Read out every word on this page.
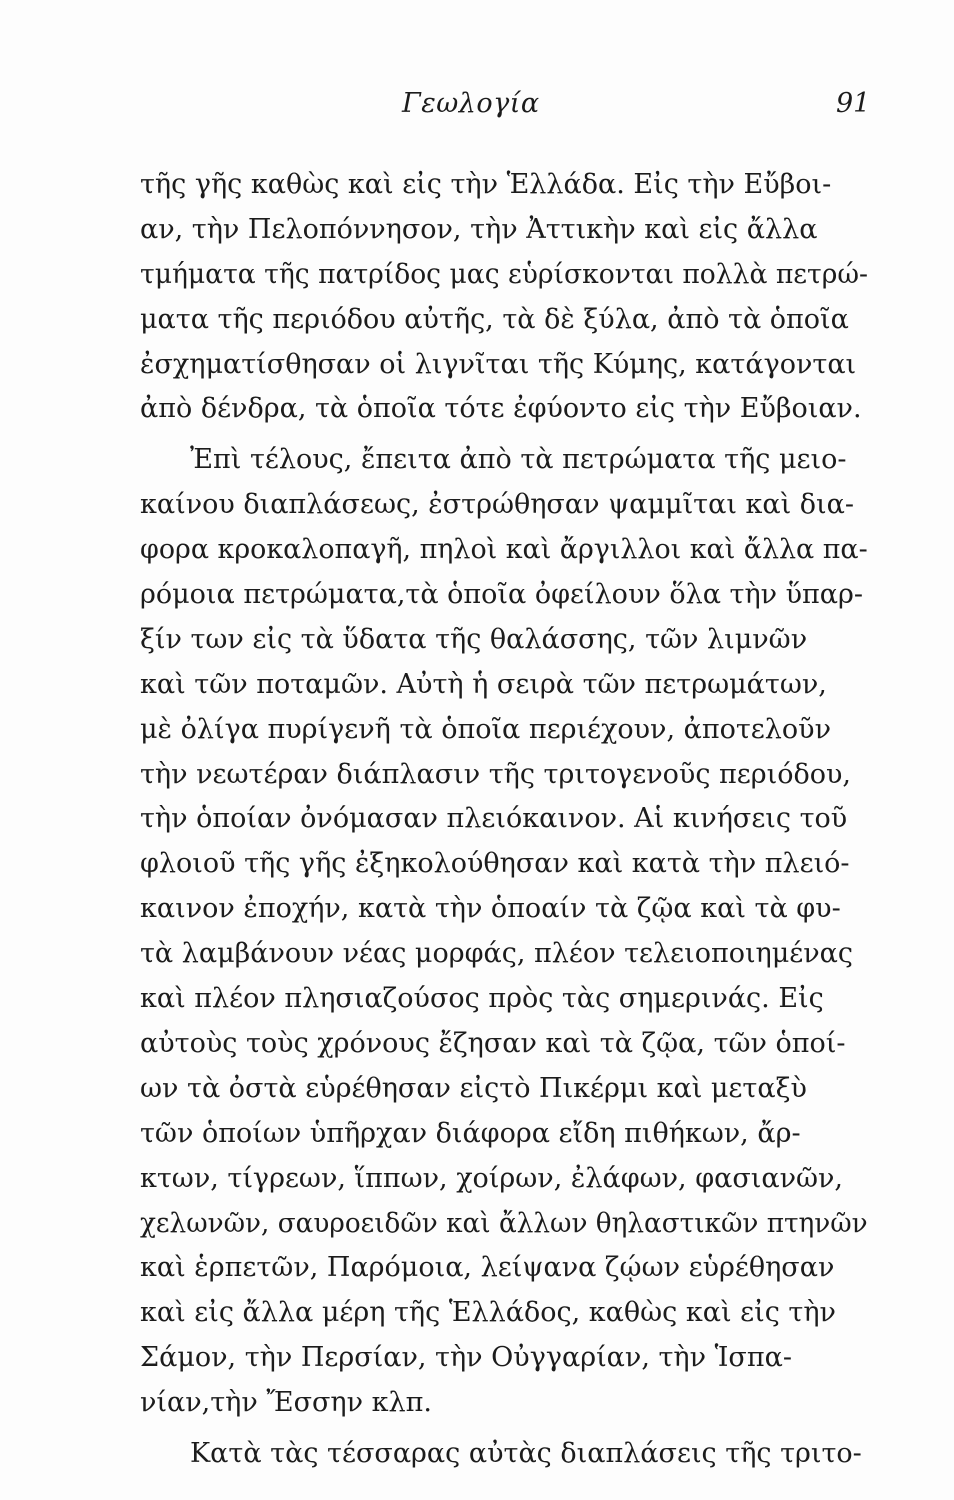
Γεωλογία	91
τῆς γῆς καθὼς καὶ εἰς τὴν Ἑλλάδα. Εἰς τὴν Εὔβοι-
αν, τὴν Πελοπόννησον, τὴν Ἀττικὴν καὶ εἰς ἄλλα
τμήματα τῆς πατρίδος μας εὑρίσκονται πολλὰ πετρώ-
ματα τῆς περιόδου αὐτῆς, τὰ δὲ ξύλα, ἀπὸ τὰ ὁποῖα
ἐσχηματίσθησαν οἱ λιγνῖται τῆς Κύμης, κατάγονται
ἀπὸ δένδρα, τὰ ὁποῖα τότε ἐφύοντο εἰς τὴν Εὔβοιαν.
Ἐπὶ τέλους, ἔπειτα ἀπὸ τὰ πετρώματα τῆς μειο-
καίνου διαπλάσεως, ἐστρώθησαν ψαμμῖται καὶ δια-
φορα κροκαλοπαγῆ, πηλοὶ καὶ ἄργιλλοι καὶ ἄλλα πα-
ρόμοια πετρώματα,τὰ ὁποῖα ὀφείλουν ὅλα τὴν ὕπαρ-
ξίν των εἰς τὰ ὕδατα τῆς θαλάσσης, τῶν λιμνῶν
καὶ τῶν ποταμῶν. Αὐτὴ ἡ σειρὰ τῶν πετρωμάτων,
μὲ ὀλίγα πυρίγενῆ τὰ ὁποῖα περιέχουν, ἀποτελοῦν
τὴν νεωτέραν διάπλασιν τῆς τριτογενοῦς περιόδου,
τὴν ὁποίαν ὀνόμασαν πλειόκαινον. Αἱ κινήσεις τοῦ
φλοιοῦ τῆς γῆς ἐξηκολούθησαν καὶ κατὰ τὴν πλειό-
καινον ἐποχήν, κατὰ τὴν ὁποαίν τὰ ζῷα καὶ τὰ φυ-
τὰ λαμβάνουν νέας μορφάς, πλέον τελειοποιημένας
καὶ πλέον πλησιαζούσος πρὸς τὰς σημερινάς. Εἰς
αὐτοὺς τοὺς χρόνους ἔζησαν καὶ τὰ ζῷα, τῶν ὁποί-
ων τὰ ὀστὰ εὑρέθησαν εἰςτὸ Πικέρμι καὶ μεταξὺ
τῶν ὁποίων ὑπῆρχαν διάφορα εἴδη πιθήκων, ἄρ-
κτων, τίγρεων, ἵππων, χοίρων, ἐλάφων, φασιανῶν,
χελωνῶν, σαυροειδῶν καὶ ἄλλων θηλαστικῶν πτηνῶν
καὶ ἑρπετῶν, Παρόμοια, λείψανα ζῴων εὑρέθησαν
καὶ εἰς ἄλλα μέρη τῆς Ἑλλάδος, καθὼς καὶ εἰς τὴν
Σάμον, τὴν Περσίαν, τὴν Οὐγγαρίαν, τὴν Ἱσπα-
νίαν,τὴν Ἔσσην κλπ.
Κατὰ τὰς τέσσαρας αὐτὰς διαπλάσεις τῆς τριτο-
